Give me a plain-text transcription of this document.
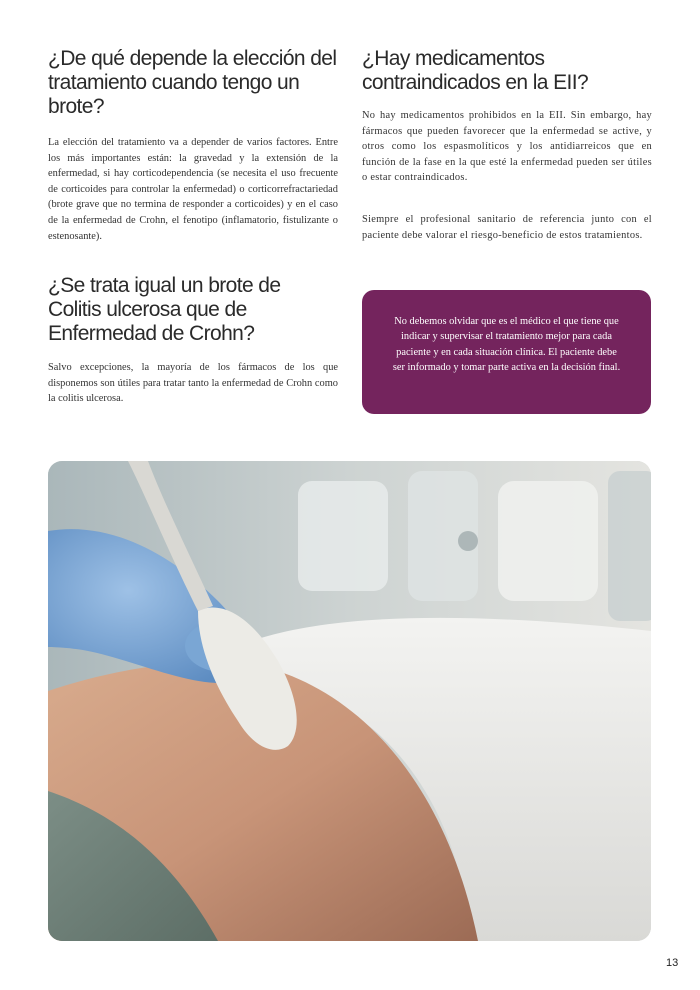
¿De qué depende la elección del tratamiento cuando tengo un brote?

La elección del tratamiento va a depender de varios factores. Entre los más importantes están: la gravedad y la extensión de la enfermedad, si hay corticodependencia (se necesita el uso frecuente de corticoides para controlar la enfermedad) o corticorrefractariedad (brote grave que no termina de responder a corticoides) y en el caso de la enfermedad de Crohn, el fenotipo (inflamatorio, fistulizante o estenosante).

¿Se trata igual un brote de Colitis ulcerosa que de Enfermedad de Crohn?

Salvo excepciones, la mayoría de los fármacos de los que disponemos son útiles para tratar tanto la enfermedad de Crohn como la colitis ulcerosa.

¿Hay medicamentos contraindicados en la EII?

No hay medicamentos prohibidos en la EII. Sin embargo, hay fármacos que pueden favorecer que la enfermedad se active, y otros como los espasmolíticos y los antidiarreicos que en función de la fase en la que esté la enfermedad pueden ser útiles o estar contraindicados.

Siempre el profesional sanitario de referencia junto con el paciente debe valorar el riesgo-beneficio de estos tratamientos.

No debemos olvidar que es el médico el que tiene que indicar y supervisar el tratamiento mejor para cada paciente y en cada situación clínica. El paciente debe ser informado y tomar parte activa en la decisión final.

13
